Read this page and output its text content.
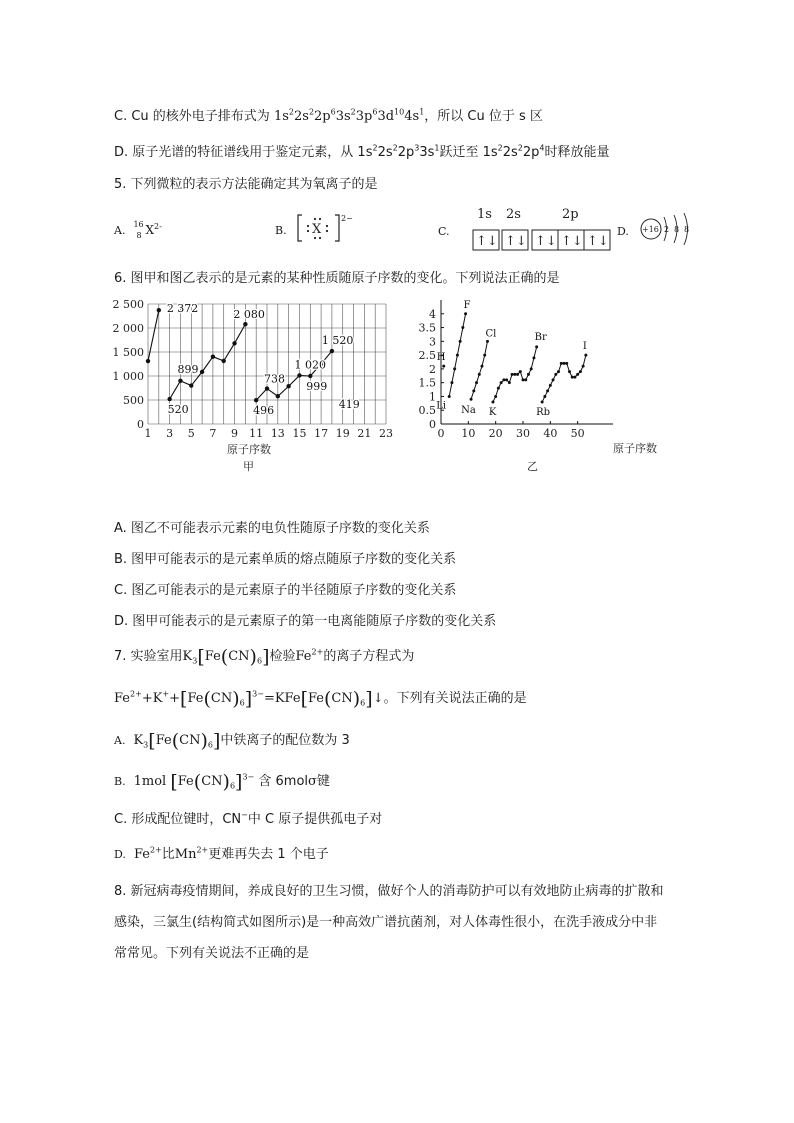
C. Cu 的核外电子排布式为 $1s^22s^22p^63s^23p^63d^{10}4s^1$，所以 Cu 位于 s 区
D. 原子光谱的特征谱线用于鉴定元素，从 $1s^22s^22p^33s^1$跃迁至 $1s^22s^22p^4$时释放能量
5. 下列微粒的表示方法能确定其为氧离子的是
A. 16
8 $X^{2-}$	B. X
2−
C.
1s 2s	2p
↑↓ ↑↓ ↑↓ ↑↓ ↑↓
D. +16 2 8 8
6. 图甲和图乙表示的是元素的某种性质随原子序数的变化。下列说法正确的是
2 372
520
899
2 080
496
738
1 020
999
1 520
419
0
500
1 000
1 500
2 000
2 500
1 3 5 7 9 11 13 15 17 19 21 23
原子序数
甲
F
H
Li
Cl
Na K
Br
Rb
I
0
0.5
1
1.5
2
2.5
3
3.5
4
0 10 20 30 40 50
原子序数
乙
A. 图乙不可能表示元素的电负性随原子序数的变化关系
B. 图甲可能表示的是元素单质的熔点随原子序数的变化关系
C. 图乙可能表示的是元素原子的半径随原子序数的变化关系
D. 图甲可能表示的是元素原子的第一电离能随原子序数的变化关系
7. 实验室用$K_3[Fe(CN)_6]$检验$Fe^{2+}$的离子方程式为
$Fe^{2+}+K^++[Fe(CN)_6]^{3-}=KFe[Fe(CN)_6]↓$。下列有关说法正确的是
A. $K_3[Fe(CN)_6]$中铁离子的配位数为 3
B. 1mol $[Fe(CN)_6]^{3-}$ 含 6molσ键
C. 形成配位键时，CN−中 C 原子提供孤电子对
D. $Fe^{2+}$比$Mn^{2+}$更难再失去 1 个电子
8. 新冠病毒疫情期间，养成良好的卫生习惯，做好个人的消毒防护可以有效地防止病毒的扩散和
感染，三氯生(结构简式如图所示)是一种高效广谱抗菌剂，对人体毒性很小，在洗手液成分中非
常常见。下列有关说法不正确的是
